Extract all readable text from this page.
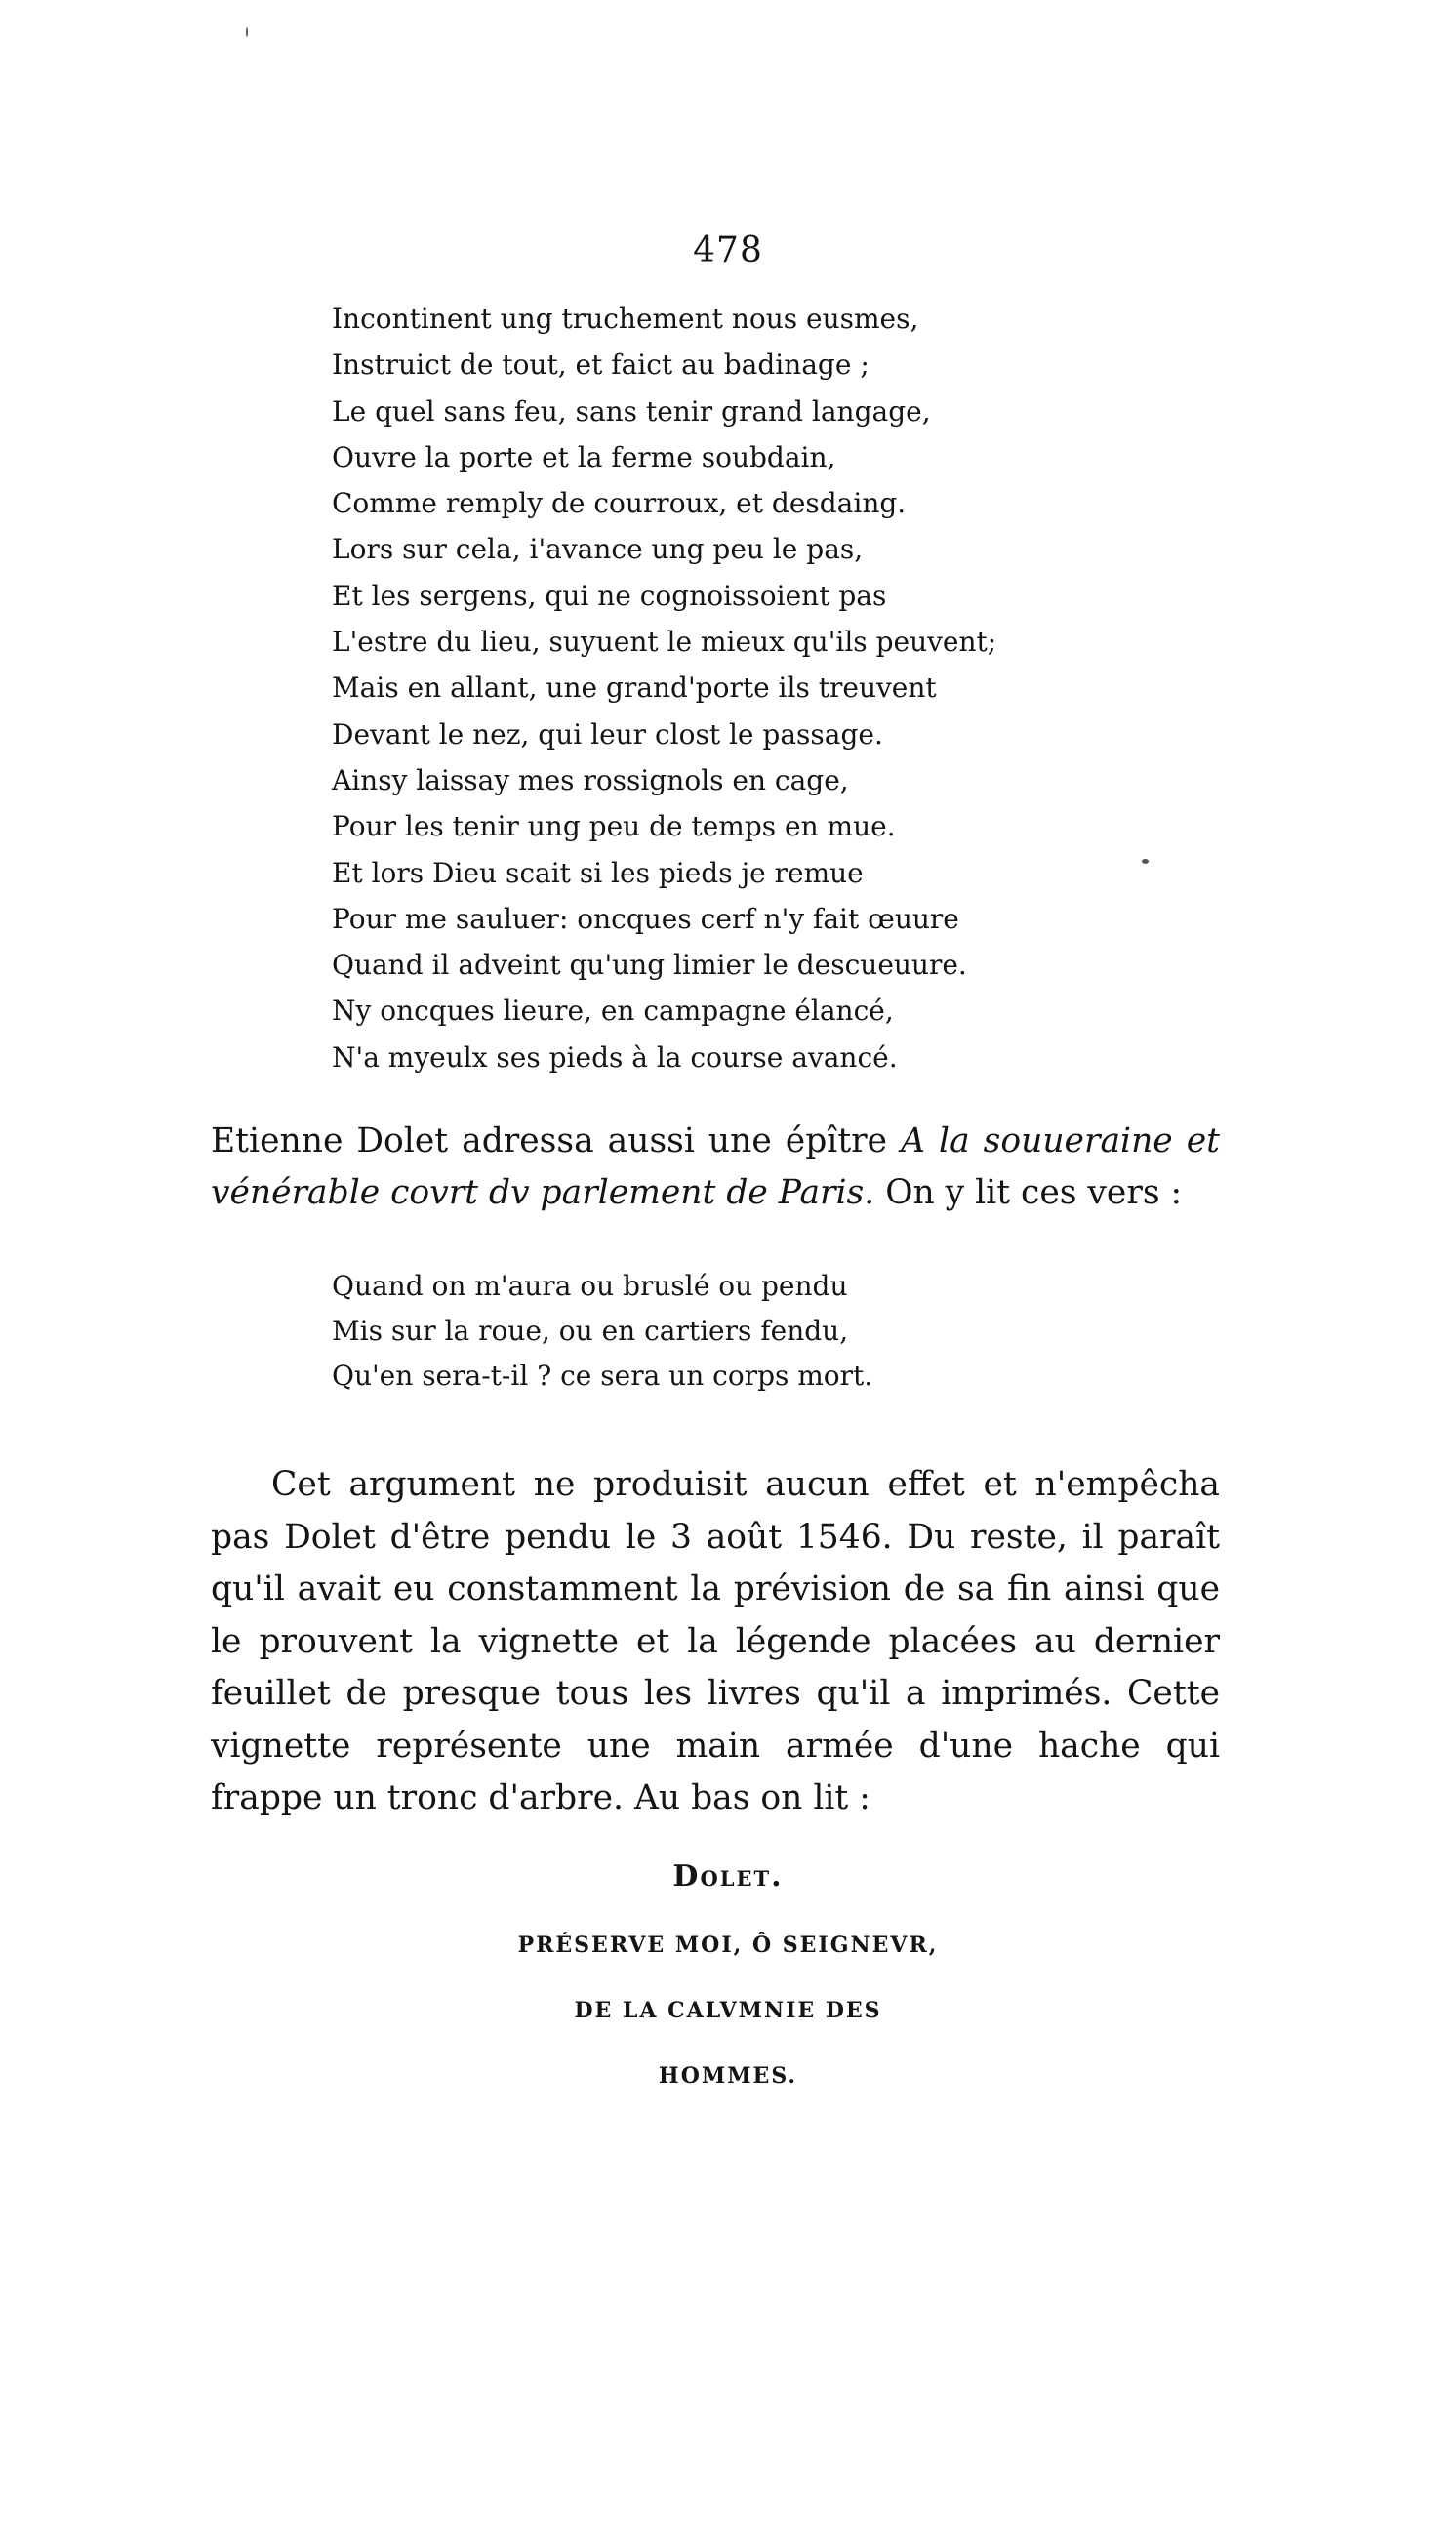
478
Incontinent ung truchement nous eusmes,
Instruict de tout, et faict au badinage ;
Le quel sans feu, sans tenir grand langage,
Ouvre la porte et la ferme soubdain,
Comme remply de courroux, et desdaing.
Lors sur cela, i'avance ung peu le pas,
Et les sergens, qui ne cognoissoient pas
L'estre du lieu, suyuent le mieux qu'ils peuvent;
Mais en allant, une grand'porte ils treuvent
Devant le nez, qui leur clost le passage.
Ainsy laissay mes rossignols en cage,
Pour les tenir ung peu de temps en mue.
Et lors Dieu scait si les pieds je remue
Pour me sauluer: oncques cerf n'y fait œuure
Quand il adveint qu'ung limier le descueuure.
Ny oncques lieure, en campagne élancé,
N'a myeulx ses pieds à la course avancé.

Etienne Dolet adressa aussi une épître A la souueraine et vénérable covrt dv parlement de Paris. On y lit ces vers :

Quand on m'aura ou bruslé ou pendu
Mis sur la roue, ou en cartiers fendu,
Qu'en sera-t-il ? ce sera un corps mort.

Cet argument ne produisit aucun effet et n'empêcha pas Dolet d'être pendu le 3 août 1546. Du reste, il paraît qu'il avait eu constamment la prévision de sa fin ainsi que le prouvent la vignette et la légende placées au dernier feuillet de presque tous les livres qu'il a imprimés. Cette vignette représente une main armée d'une hache qui frappe un tronc d'arbre. Au bas on lit :

Dolet.
PRÉSERVE MOI, Ô SEIGNEVR,
DE LA CALVMNIE DES
HOMMES.
